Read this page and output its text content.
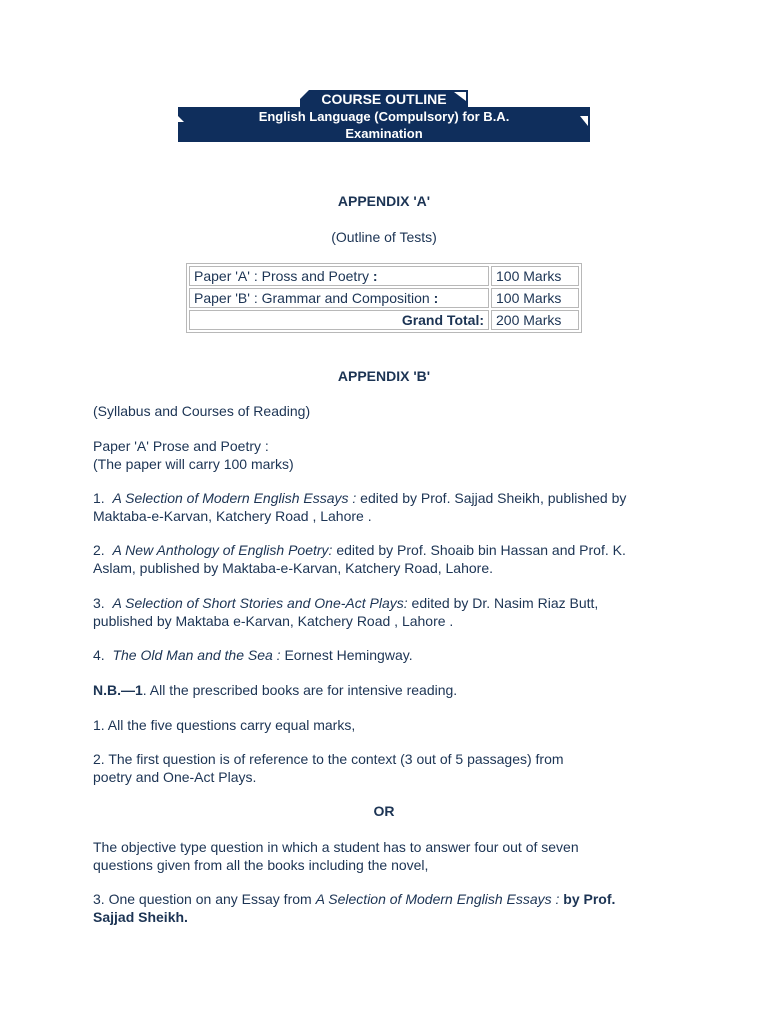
COURSE OUTLINE
English Language (Compulsory) for B.A.
Examination
APPENDIX 'A'
(Outline of Tests)
Paper 'A' : Pross and Poetry :	100 Marks
Paper 'B' : Grammar and Composition :	100 Marks
Grand Total:	200 Marks
APPENDIX 'B'
(Syllabus and Courses of Reading)
Paper 'A' Prose and Poetry :
(The paper will carry 100 marks)
1.  A Selection of Modern English Essays : edited by Prof. Sajjad Sheikh, published by
Maktaba-e-Karvan, Katchery Road , Lahore .
2.  A New Anthology of English Poetry: edited by Prof. Shoaib bin Hassan and Prof. K.
Aslam, published by Maktaba-e-Karvan, Katchery Road, Lahore.
3.  A Selection of Short Stories and One-Act Plays: edited by Dr. Nasim Riaz Butt,
published by Maktaba e-Karvan, Katchery Road , Lahore .
4.  The Old Man and the Sea : Eornest Hemingway.
N.B.—1. All the prescribed books are for intensive reading.
1. All the five questions carry equal marks,
2. The first question is of reference to the context (3 out of 5 passages) from
poetry and One-Act Plays.
OR
The objective type question in which a student has to answer four out of seven
questions given from all the books including the novel,
3. One question on any Essay from A Selection of Modern English Essays : by Prof.
Sajjad Sheikh.
